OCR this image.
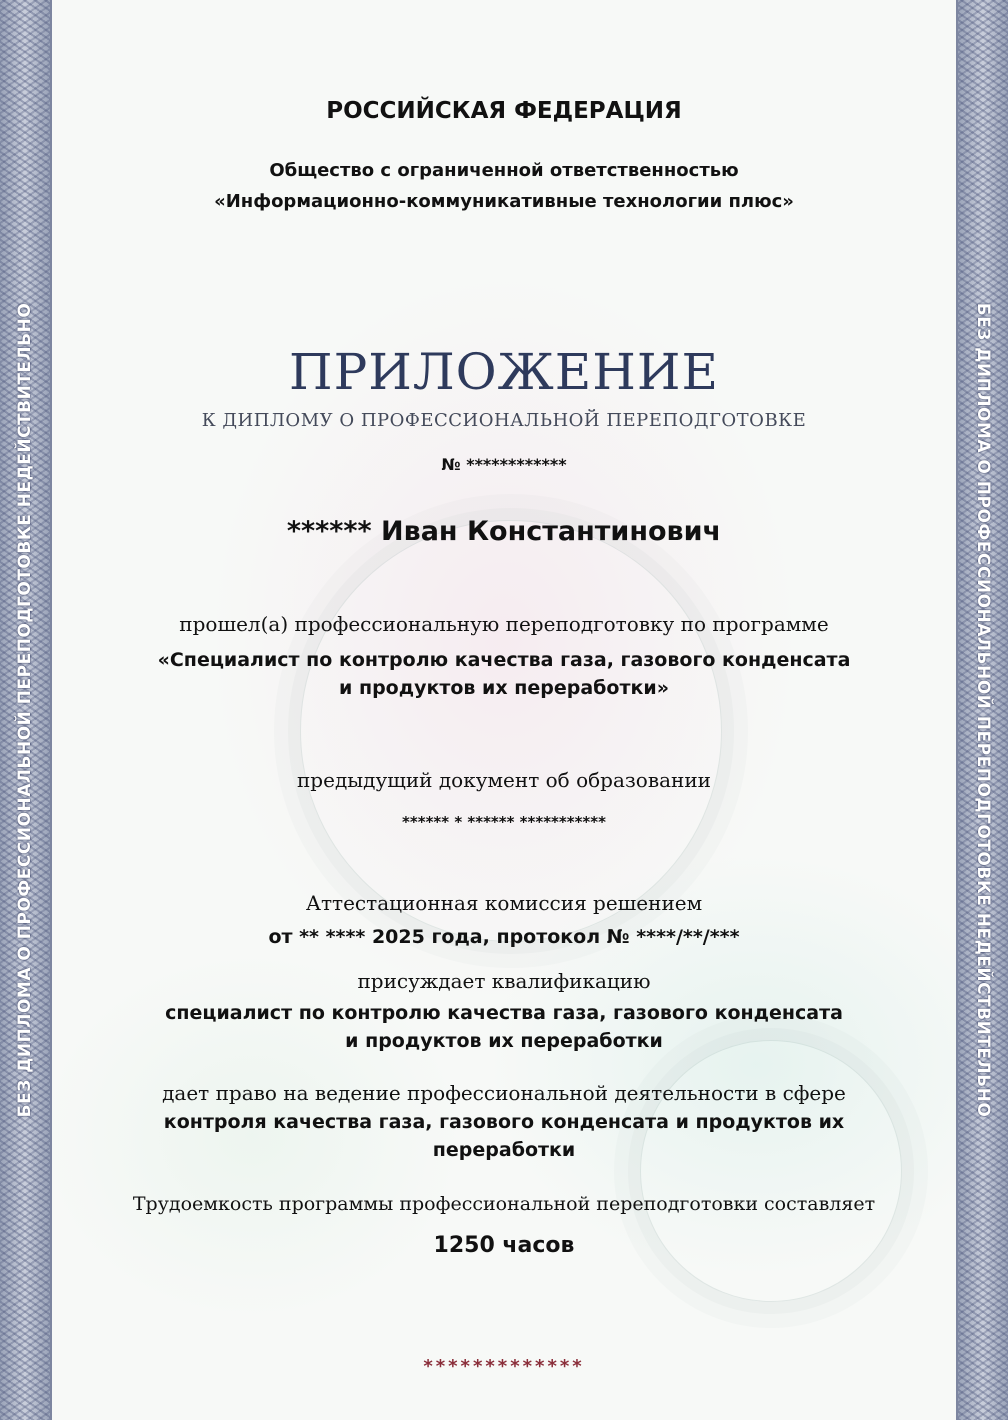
БЕЗ ДИПЛОМА О ПРОФЕССИОНАЛЬНОЙ ПЕРЕПОДГОТОВКЕ НЕДЕЙСТВИТЕЛЬНО	БЕЗ ДИПЛОМА О ПРОФЕССИОНАЛЬНОЙ ПЕРЕПОДГОТОВКЕ НЕДЕЙСТВИТЕЛЬНО
РОССИЙСКАЯ ФЕДЕРАЦИЯ
Общество с ограниченной ответственностью
«Информационно-коммуникативные технологии плюс»
ПРИЛОЖЕНИЕ
К ДИПЛОМУ О ПРОФЕССИОНАЛЬНОЙ ПЕРЕПОДГОТОВКЕ
№ ************
****** Иван Константинович
прошел(а) профессиональную переподготовку по программе
«Специалист по контролю качества газа, газового конденсата
и продуктов их переработки»
предыдущий документ об образовании
****** * ****** ***********
Аттестационная комиссия решением
от ** **** 2025 года, протокол № ****/**/***
присуждает квалификацию
специалист по контролю качества газа, газового конденсата
и продуктов их переработки
дает право на ведение профессиональной деятельности в сфере
контроля качества газа, газового конденсата и продуктов их
переработки
Трудоемкость программы профессиональной переподготовки составляет
1250 часов
*************
